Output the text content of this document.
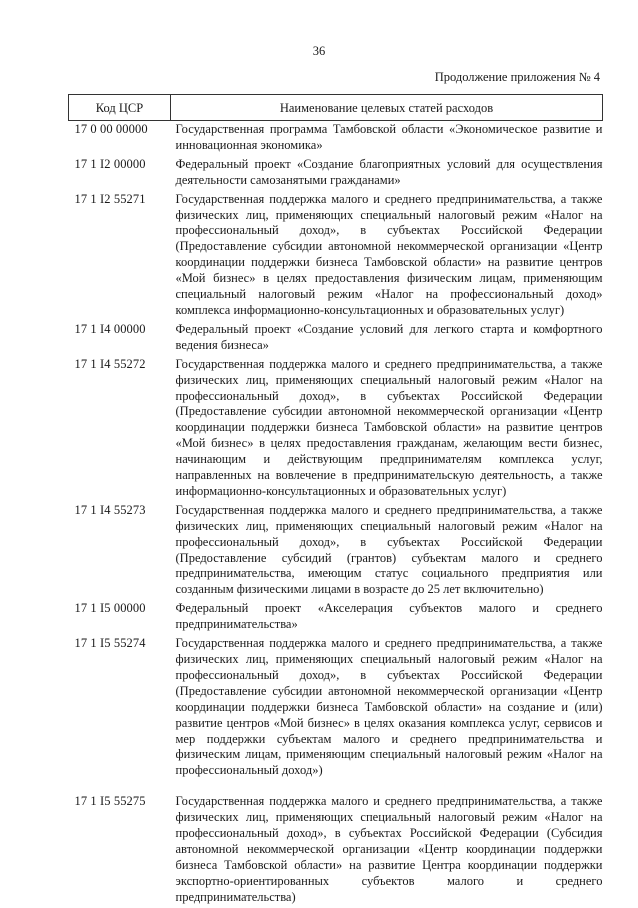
36
Продолжение приложения № 4
Код ЦСР	Наименование целевых статей расходов
17 0 00 00000	Государственная программа Тамбовской области «Экономическое развитие и инновационная экономика»
17 1 I2 00000	Федеральный проект «Создание благоприятных условий для осуществления деятельности самозанятыми гражданами»
17 1 I2 55271	Государственная поддержка малого и среднего предпринимательства, а также физических лиц, применяющих специальный налоговый режим «Налог на профессиональный доход», в субъектах Российской Федерации (Предоставление субсидии автономной некоммерческой организации «Центр координации поддержки бизнеса Тамбовской области» на развитие центров «Мой бизнес» в целях предоставления физическим лицам, применяющим специальный налоговый режим «Налог на профессиональный доход» комплекса информационно-консультационных и образовательных услуг)
17 1 I4 00000	Федеральный проект «Создание условий для легкого старта и комфортного ведения бизнеса»
17 1 I4 55272	Государственная поддержка малого и среднего предпринимательства, а также физических лиц, применяющих специальный налоговый режим «Налог на профессиональный доход», в субъектах Российской Федерации (Предоставление субсидии автономной некоммерческой организации «Центр координации поддержки бизнеса Тамбовской области» на развитие центров «Мой бизнес» в целях предоставления гражданам, желающим вести бизнес, начинающим и действующим предпринимателям комплекса услуг, направленных на вовлечение в предпринимательскую деятельность, а также информационно-консультационных и образовательных услуг)
17 1 I4 55273	Государственная поддержка малого и среднего предпринимательства, а также физических лиц, применяющих специальный налоговый режим «Налог на профессиональный доход», в субъектах Российской Федерации (Предоставление субсидий (грантов) субъектам малого и среднего предпринимательства, имеющим статус социального предприятия или созданным физическими лицами в возрасте до 25 лет включительно)
17 1 I5 00000	Федеральный проект «Акселерация субъектов малого и среднего предпринимательства»
17 1 I5 55274	Государственная поддержка малого и среднего предпринимательства, а также физических лиц, применяющих специальный налоговый режим «Налог на профессиональный доход», в субъектах Российской Федерации (Предоставление субсидии автономной некоммерческой организации «Центр координации поддержки бизнеса Тамбовской области» на создание и (или) развитие центров «Мой бизнес» в целях оказания комплекса услуг, сервисов и мер поддержки субъектам малого и среднего предпринимательства и физическим лицам, применяющим специальный налоговый режим «Налог на профессиональный доход»)
17 1 I5 55275	Государственная поддержка малого и среднего предпринимательства, а также физических лиц, применяющих специальный налоговый режим «Налог на профессиональный доход», в субъектах Российской Федерации (Субсидия автономной некоммерческой организации «Центр координации поддержки бизнеса Тамбовской области» на развитие Центра координации поддержки экспортно-ориентированных субъектов малого и среднего предпринимательства)
